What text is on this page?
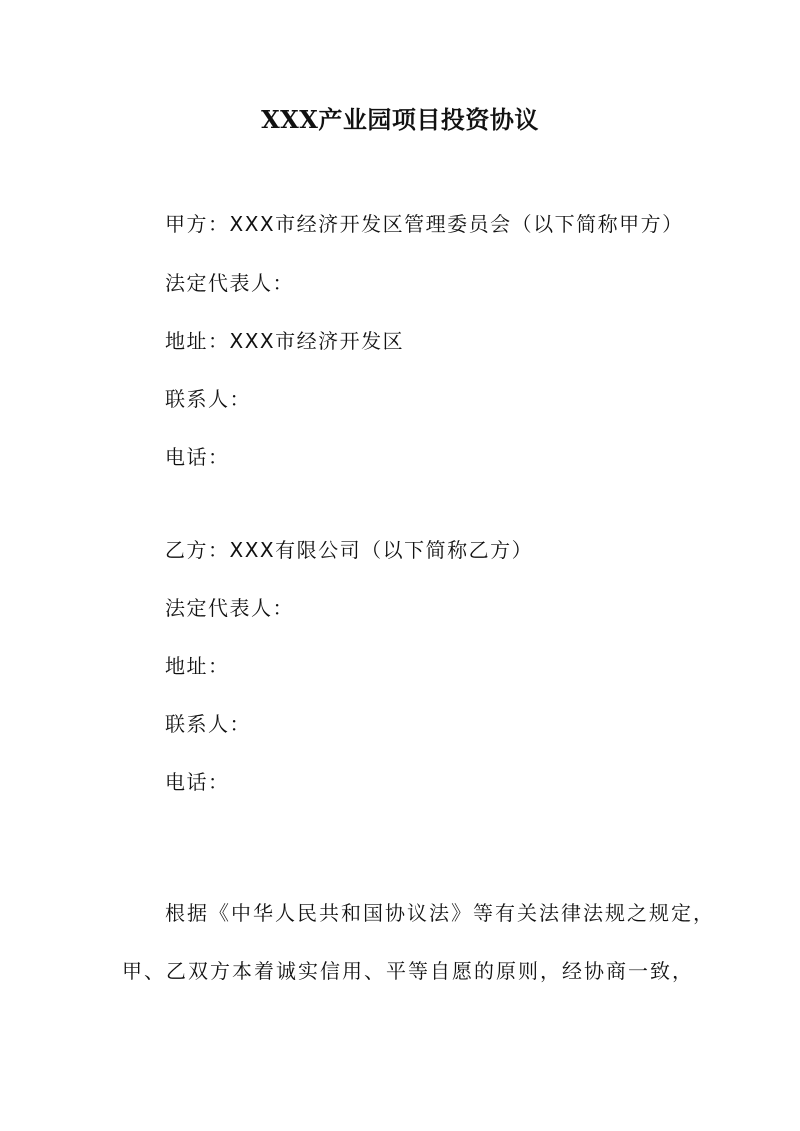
XXX产业园项目投资协议
甲方：XXX市经济开发区管理委员会（以下简称甲方）
法定代表人：
地址：XXX市经济开发区
联系人：
电话：
乙方：XXX有限公司（以下简称乙方）
法定代表人：
地址：
联系人：
电话：
根据《中华人民共和国协议法》等有关法律法规之规定，
甲、乙双方本着诚实信用、平等自愿的原则，经协商一致，
